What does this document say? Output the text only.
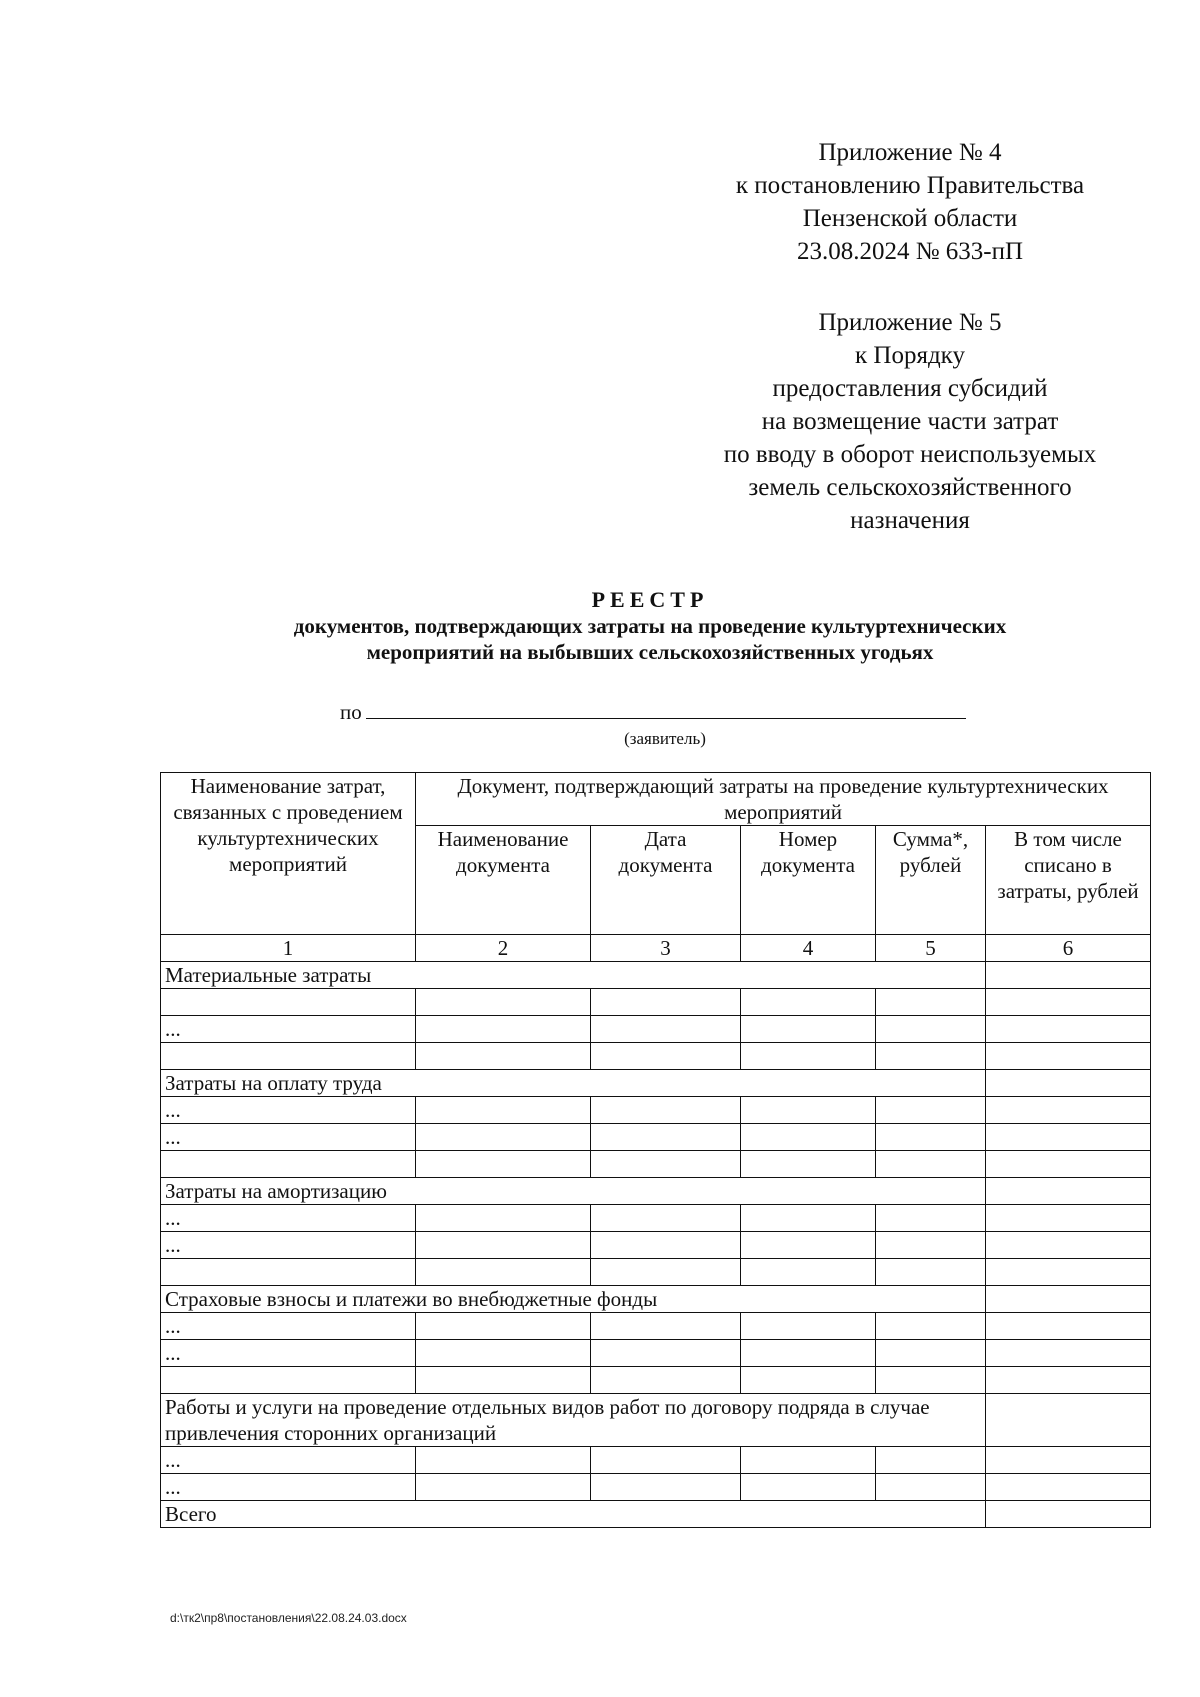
Приложение № 4
к постановлению Правительства
Пензенской области
23.08.2024 № 633-пП
Приложение № 5
к Порядку
предоставления субсидий
на возмещение части затрат
по вводу в оборот неиспользуемых
земель сельскохозяйственного
назначения
РЕЕСТР
документов, подтверждающих затраты на проведение культуртехнических
мероприятий на выбывших сельскохозяйственных угодьях
по
(заявитель)
Наименование затрат, связанных с проведением культуртехнических мероприятий	Документ, подтверждающий затраты на проведение культуртехнических мероприятий				
	Наименование документа	Дата документа	Номер документа	Сумма*, рублей	В том числе списано в затраты, рублей
1	2	3	4	5	6
Материальные затраты					

...					

Затраты на оплату труда					
...					
...					

Затраты на амортизацию					
...					
...					

Страховые взносы и платежи во внебюджетные фонды					
...					
...					

Работы и услуги на проведение отдельных видов работ по договору подряда в случае привлечения сторонних организаций					
...					
...					
Всего					
d:\тк2\пр8\постановления\22.08.24.03.docx
